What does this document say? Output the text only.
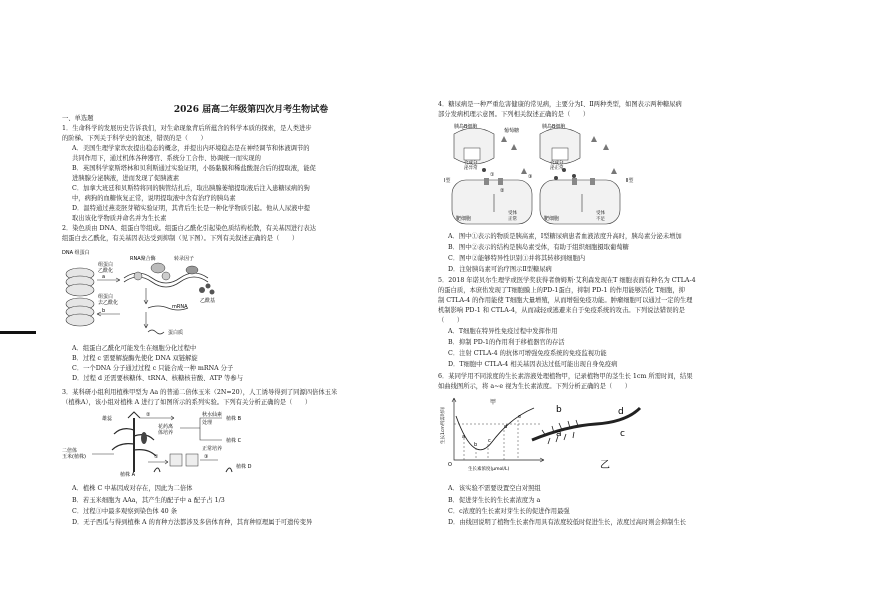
2026 届高二年级第四次月考生物试卷
一、单选题
1．生命科学的发展历史告诉我们，对生命现象背后所蕴含的科学本质的探索，是人类进步
的阶梯。下列关于科学史的叙述，错误的是（　　）
A．美国生理学家坎农提出稳态的概念，并提出内环境稳态是在神经调节和体液调节的
共同作用下，通过机体各种器官、系统分工合作、协调统一而实现的
B．英国科学家斯塔林和贝利斯通过实验证明，小肠黏膜和稀盐酸混合后的提取液，能促
进胰腺分泌胰液，进而发现了促胰液素
C．加拿大班廷和贝斯特将同的胰管结扎后，取出胰腺萎缩提取液后注入患糖尿病的狗
中，病狗的血糖恢复正常，说明提取液中含有治疗的胰岛素
D．温特通过燕麦胚芽鞘实验证明，其背后生长是一种化学物质引起。他从人尿液中提
取出该化学物质并命名并为生长素
2．染色质由 DNA、组蛋白等组成。组蛋白乙酰化引起染色质结构松散，有关基因进行表达
组蛋白去乙酰化，有关基因表达受到抑制（见下图）。下列有关叙述正确的是（　　）
DNA 组蛋白
组蛋白
乙酰化
组蛋白
去乙酰化
RNA聚合酶	转录因子
a
b
乙酰基
mRNA
蛋白质
A．组蛋白乙酰化可能发生在细胞分化过程中
B．过程 c 需要解旋酶先使化 DNA 双链解旋
C．一个DNA 分子通过过程 c 只能合成一种 mRNA 分子
D．过程 d 还需要核糖体、tRNA、核糖核苷酸、ATP 等参与
3．某科研小组利用植株甲型为 Aa 的普通二倍体玉米（2N=20），人工诱导得到了同源四倍体玉米
（植株A），该小组对植株 A 进行了如图所示的系列实验。下列有关分析正确的是（　　）
雄蕊
②
花药离
体培养
秋水仙素
处理
植株 B
二倍体
玉米(植株)
植株 C
正常培养
植株 A
①	③
植株 D
A．植株 C 中基因成对存在，因此为二倍体
B．若玉米细胞为 AAa，其产生的配子中 a 配子占 1/3
C．过程③中最多观察到染色体 40 条
D．无子西瓜与得到植株 A 的育种方法都涉及多倍体育种，其育种原理属于可遗传变异
4．糖尿病是一种严重危害健康的常见病，主要分为Ⅰ、Ⅱ两种类型，如图表示两种糖尿病
部分发病机理示意图。下列相关叙述正确的是（　　）
胰岛B细胞	胰岛B细胞
葡萄糖
合成分
泌异常
合成分
泌正常
Ⅰ型	Ⅱ型
靶细胞	靶细胞
受体
正常
受体
不足
①
②
③
A．图中①表示的物质是胰高素，Ⅰ型糖尿病患者血液浓度升高时，胰岛素分泌未增加
B．图中②表示的结构是胰岛素受体，有助于组织细胞摄取葡萄糖
C．图中②能够特异性识别①并将其转移到细胞内
D．注射胰岛素可治疗图示Ⅱ型糖尿病
5．2018 年诺贝尔生理学或医学奖获得者詹姆斯·艾利森发现在T 细胞表面有种名为 CTLA-4
的蛋白质，本庶佑发现了T细胞膜上的PD-1蛋白，抑制 PD-1 的作用能够活化 T细胞，抑
制 CTLA-4 的作用能使 T细胞大量增殖，从而增强免疫功能。肿瘤细胞可以通过一定的生理
机制影响 PD-1 和 CTLA-4，从而减轻或逃避来自于免疫系统的攻击。下列说法错误的是
（　　）
A．T细胞在特异性免疫过程中发挥作用
B．抑制 PD-1的作用利于移植器官的存活
C．注射 CTLA-4 的抗体可增强免疫系统的免疫监视功能
D．T细胞中 CTLA-4 相关基因表达过低可能出现自身免疫病
6．某同学用不同浓度的生长素溶液处理植物甲，记录植物甲的茎生长 1cm 所需时间，结果
如曲线图所示，将 a~e 视为生长素浓度。下列分析正确的是（　　）
生长1cm所需时间
生长素浓度(μmol/L)
a
b
c
d
e
O
甲
b	d
a	c
乙
A．该实验不需要设置空白对照组
B．促进芽生长的生长素浓度为 a
C．c浓度的生长素对芽生长的促进作用最强
D．由线回说明了植物生长素作用具有浓度较低时促进生长，浓度过高时则会抑制生长
